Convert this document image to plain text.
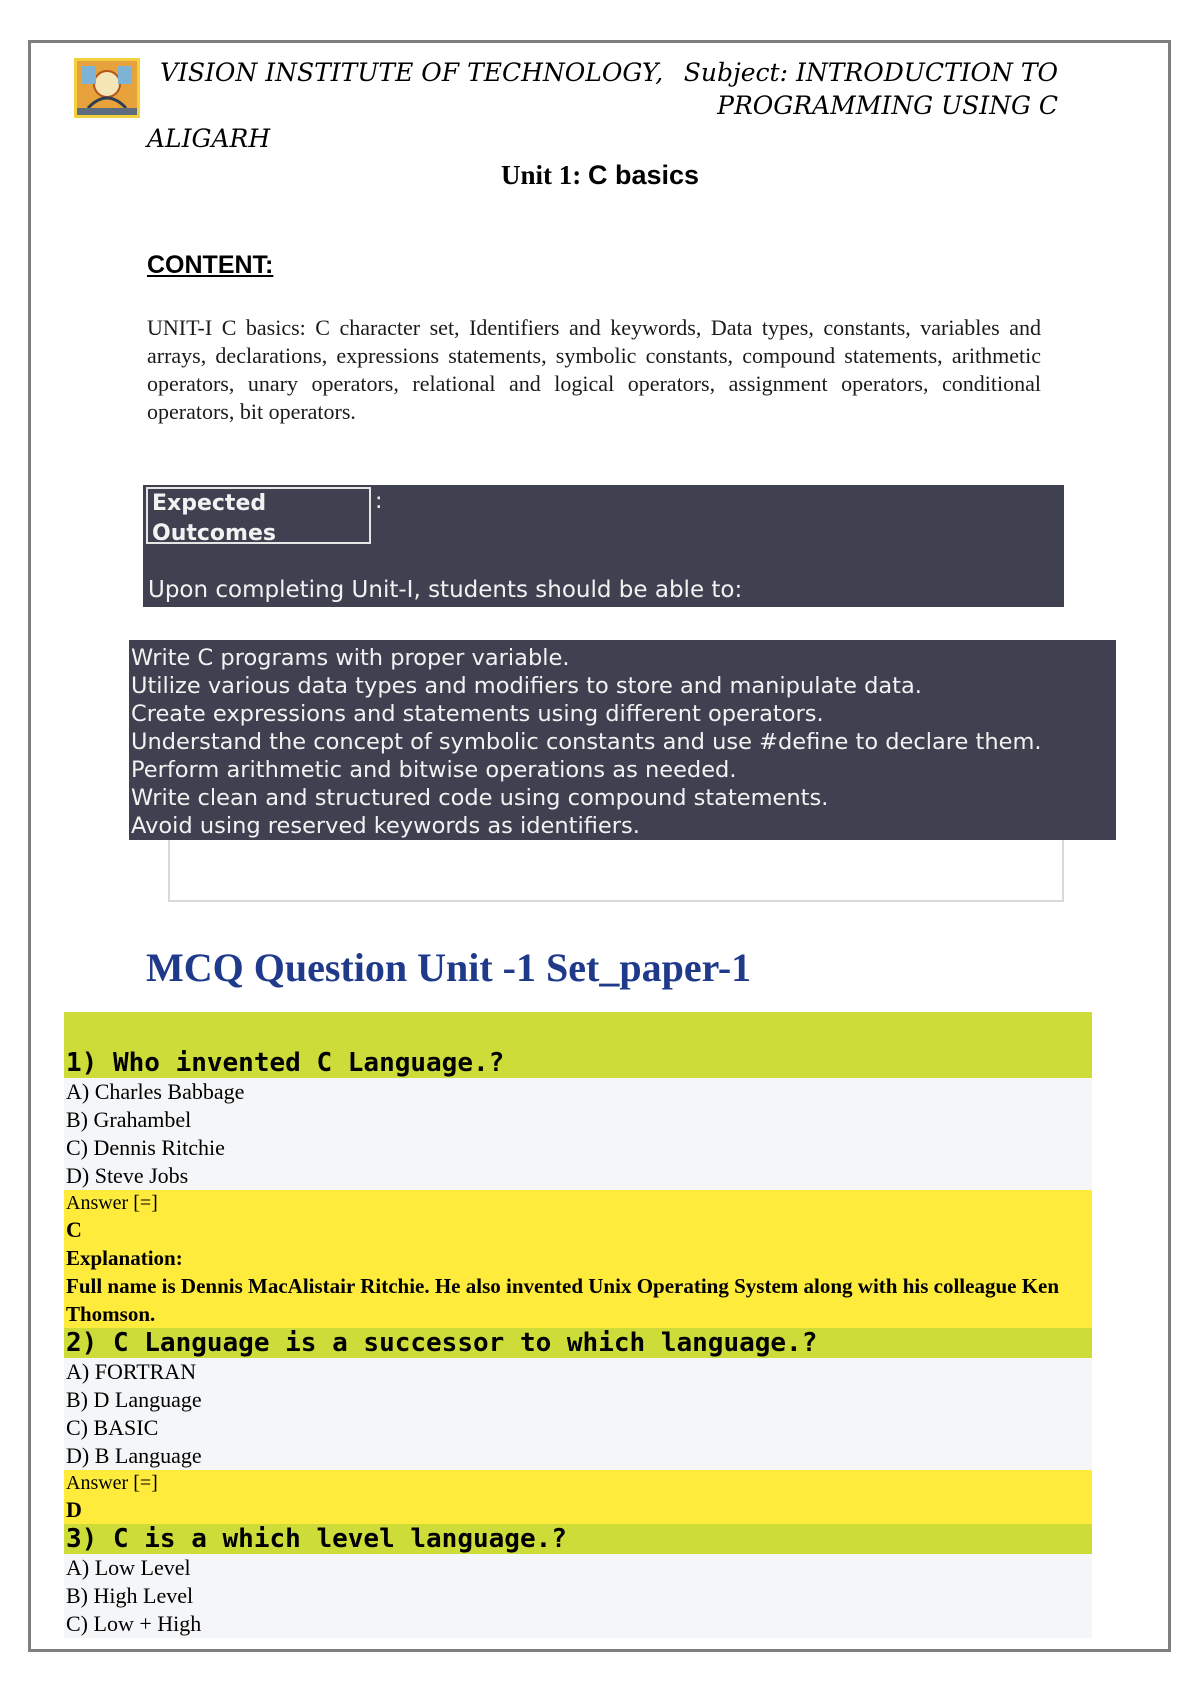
VISION INSTITUTE OF TECHNOLOGY,
ALIGARH
Subject: INTRODUCTION TO
PROGRAMMING USING C
Unit 1: C basics
CONTENT:
UNIT-I C basics: C character set, Identifiers and keywords, Data types, constants, variables and arrays, declarations, expressions statements, symbolic constants, compound statements, arithmetic operators, unary operators, relational and logical operators, assignment operators, conditional operators, bit operators.
Expected
Outcomes
:
Upon completing Unit-I, students should be able to:
Write C programs with proper variable.
Utilize various data types and modifiers to store and manipulate data.
Create expressions and statements using different operators.
Understand the concept of symbolic constants and use #define to declare them.
Perform arithmetic and bitwise operations as needed.
Write clean and structured code using compound statements.
Avoid using reserved keywords as identifiers.
MCQ Question Unit -1 Set_paper-1
1) Who invented C Language.?
A) Charles Babbage
B) Grahambel
C) Dennis Ritchie
D) Steve Jobs
Answer [=]
C
Explanation:
Full name is Dennis MacAlistair Ritchie. He also invented Unix Operating System along with his colleague Ken Thomson.
2) C Language is a successor to which language.?
A) FORTRAN
B) D Language
C) BASIC
D) B Language
Answer [=]
D
3) C is a which level language.?
A) Low Level
B) High Level
C) Low + High
